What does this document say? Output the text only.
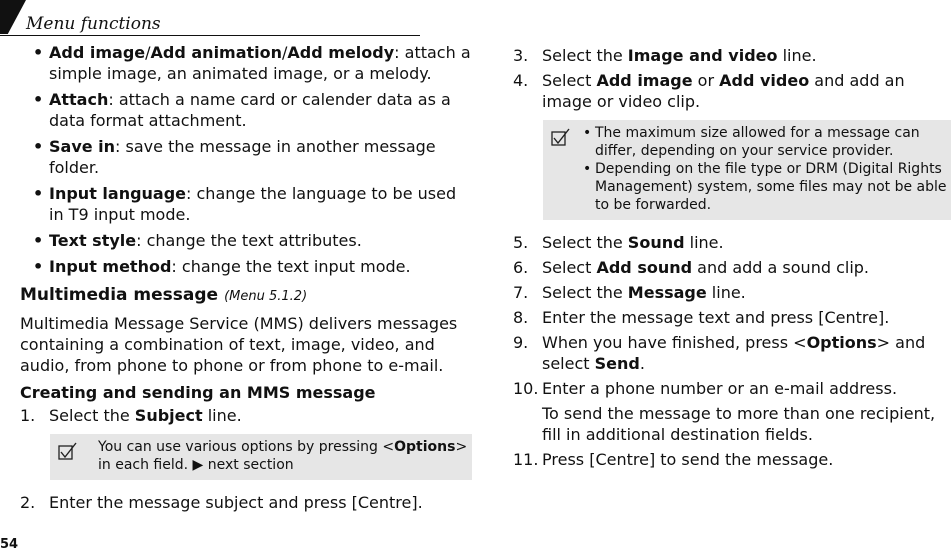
Menu functions
• Add image/Add animation/Add melody: attach a simple image, an animated image, or a melody.
• Attach: attach a name card or calender data as a data format attachment.
• Save in: save the message in another message folder.
• Input language: change the language to be used in T9 input mode.
• Text style: change the text attributes.
• Input method: change the text input mode.
Multimedia message (Menu 5.1.2)
Multimedia Message Service (MMS) delivers messages containing a combination of text, image, video, and audio, from phone to phone or from phone to e-mail.
Creating and sending an MMS message
1. Select the Subject line.
You can use various options by pressing <Options> in each field. ▶ next section
2. Enter the message subject and press [Centre].
3. Select the Image and video line.
4. Select Add image or Add video and add an image or video clip.
• The maximum size allowed for a message can differ, depending on your service provider.
• Depending on the file type or DRM (Digital Rights Management) system, some files may not be able to be forwarded.
5. Select the Sound line.
6. Select Add sound and add a sound clip.
7. Select the Message line.
8. Enter the message text and press [Centre].
9. When you have finished, press <Options> and select Send.
10. Enter a phone number or an e-mail address.
To send the message to more than one recipient, fill in additional destination fields.
11. Press [Centre] to send the message.
54
